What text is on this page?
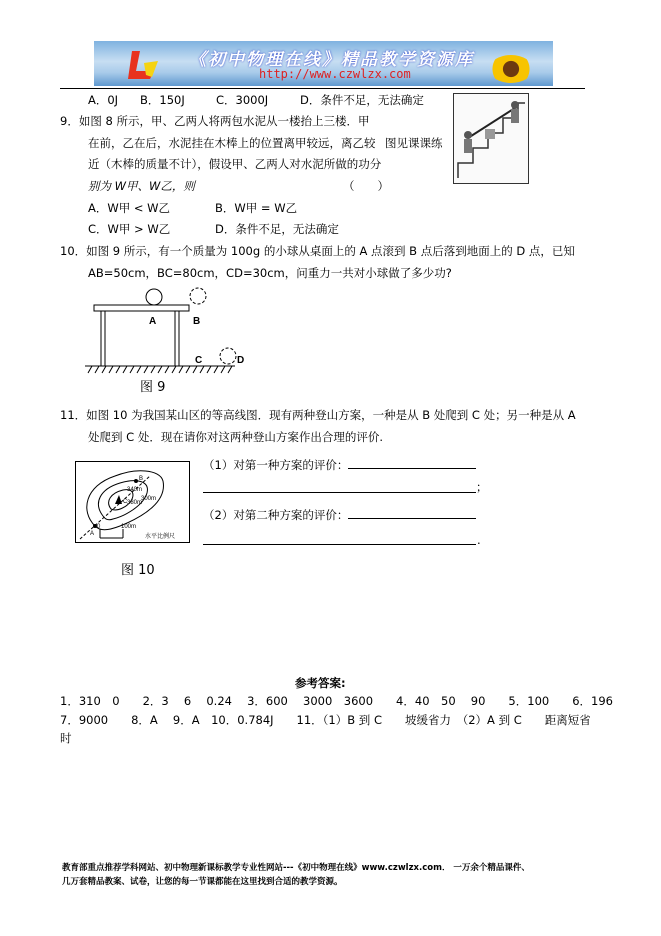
《初中物理在线》精品教学资源库
http://www.czwlzx.com
A．0J B．150J	C．3000J	D．条件不足，无法确定
9．如图 8 所示，甲、乙两人将两包水泥从一楼抬上三楼．甲
在前，乙在后，水泥挂在木棒上的位置离甲较远，离乙较 图见课课练
近（木棒的质量不计），假设甲、乙两人对水泥所做的功分
别为 W甲、W乙，则	（　　）
A．W甲 < W乙	B．W甲 = W乙
C．W甲 > W乙	D．条件不足，无法确定
10．如图 9 所示，有一个质量为 100g 的小球从桌面上的 A 点滚到 B 点后落到地面上的 D 点，已知
AB=50cm，BC=80cm，CD=30cm，问重力一共对小球做了多少功?
A	B
C	D
图 9
11．如图 10 为我国某山区的等高线图．现有两种登山方案，一种是从 B 处爬到 C 处；另一种是从 A
处爬到 C 处．现在请你对这两种登山方案作出合理的评价.
A
B
C
340m
380m
300m
0	100m
水平比例尺
图 10
（1）对第一种方案的评价：
；
（2）对第二种方案的评价：
.
参考答案:
1．310　0　　2．3　 6　 0.24　 3．600　 3000　3600　　4．40　50　 90　　5．100　　6．196
7．9000　　8．A　 9．A　10．0.784J　　11．（1）B 到 C　　坡缓省力　（2）A 到 C　　距离短省
时
教育部重点推荐学科网站、初中物理新课标教学专业性网站---《初中物理在线》www.czwlzx.com． 一万余个精品课件、
几万套精品教案、试卷，让您的每一节课都能在这里找到合适的教学资源。
